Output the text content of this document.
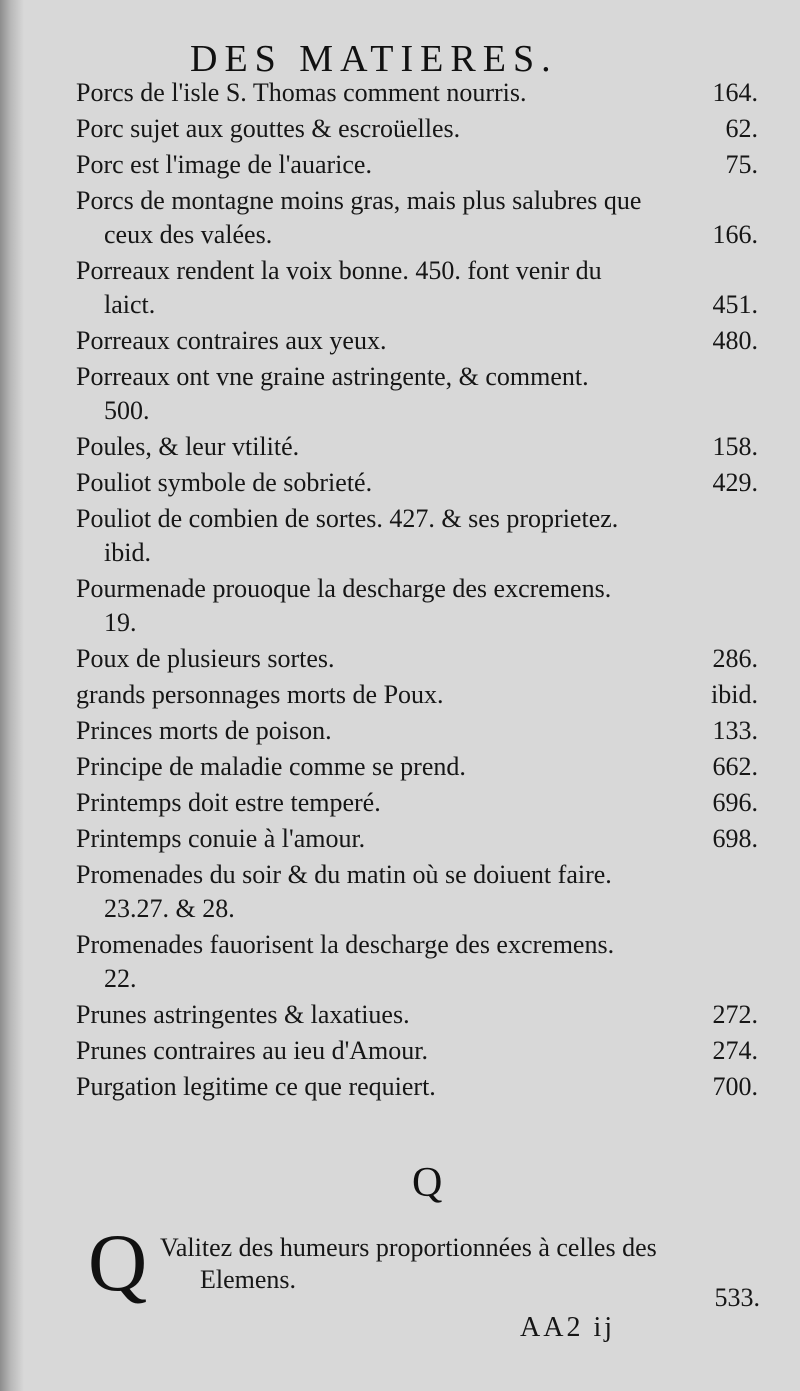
DES MATIERES.
Porcs de l'isle S. Thomas comment nourris.	164.
Porc sujet aux gouttes & escroüelles.	62.
Porc est l'image de l'auarice.	75.
Porcs de montagne moins gras, mais plus salubres que
ceux des valées.	166.
Porreaux rendent la voix bonne. 450. font venir du
laict.	451.
Porreaux contraires aux yeux.	480.
Porreaux ont vne graine astringente, & comment.
500.
Poules, & leur vtilité.	158.
Pouliot symbole de sobrieté.	429.
Pouliot de combien de sortes. 427. & ses proprietez.
ibid.
Pourmenade prouoque la descharge des excremens.
19.
Poux de plusieurs sortes.	286.
grands personnages morts de Poux.	ibid.
Princes morts de poison.	133.
Principe de maladie comme se prend.	662.
Printemps doit estre temperé.	696.
Printemps conuie à l'amour.	698.
Promenades du soir & du matin où se doiuent faire.
23.27. & 28.
Promenades fauorisent la descharge des excremens.
22.
Prunes astringentes & laxatiues.	272.
Prunes contraires au ieu d'Amour.	274.
Purgation legitime ce que requiert.	700.
Q
Q Valitez des humeurs proportionnées à celles des
Elemens.
533.
AA2 ij
